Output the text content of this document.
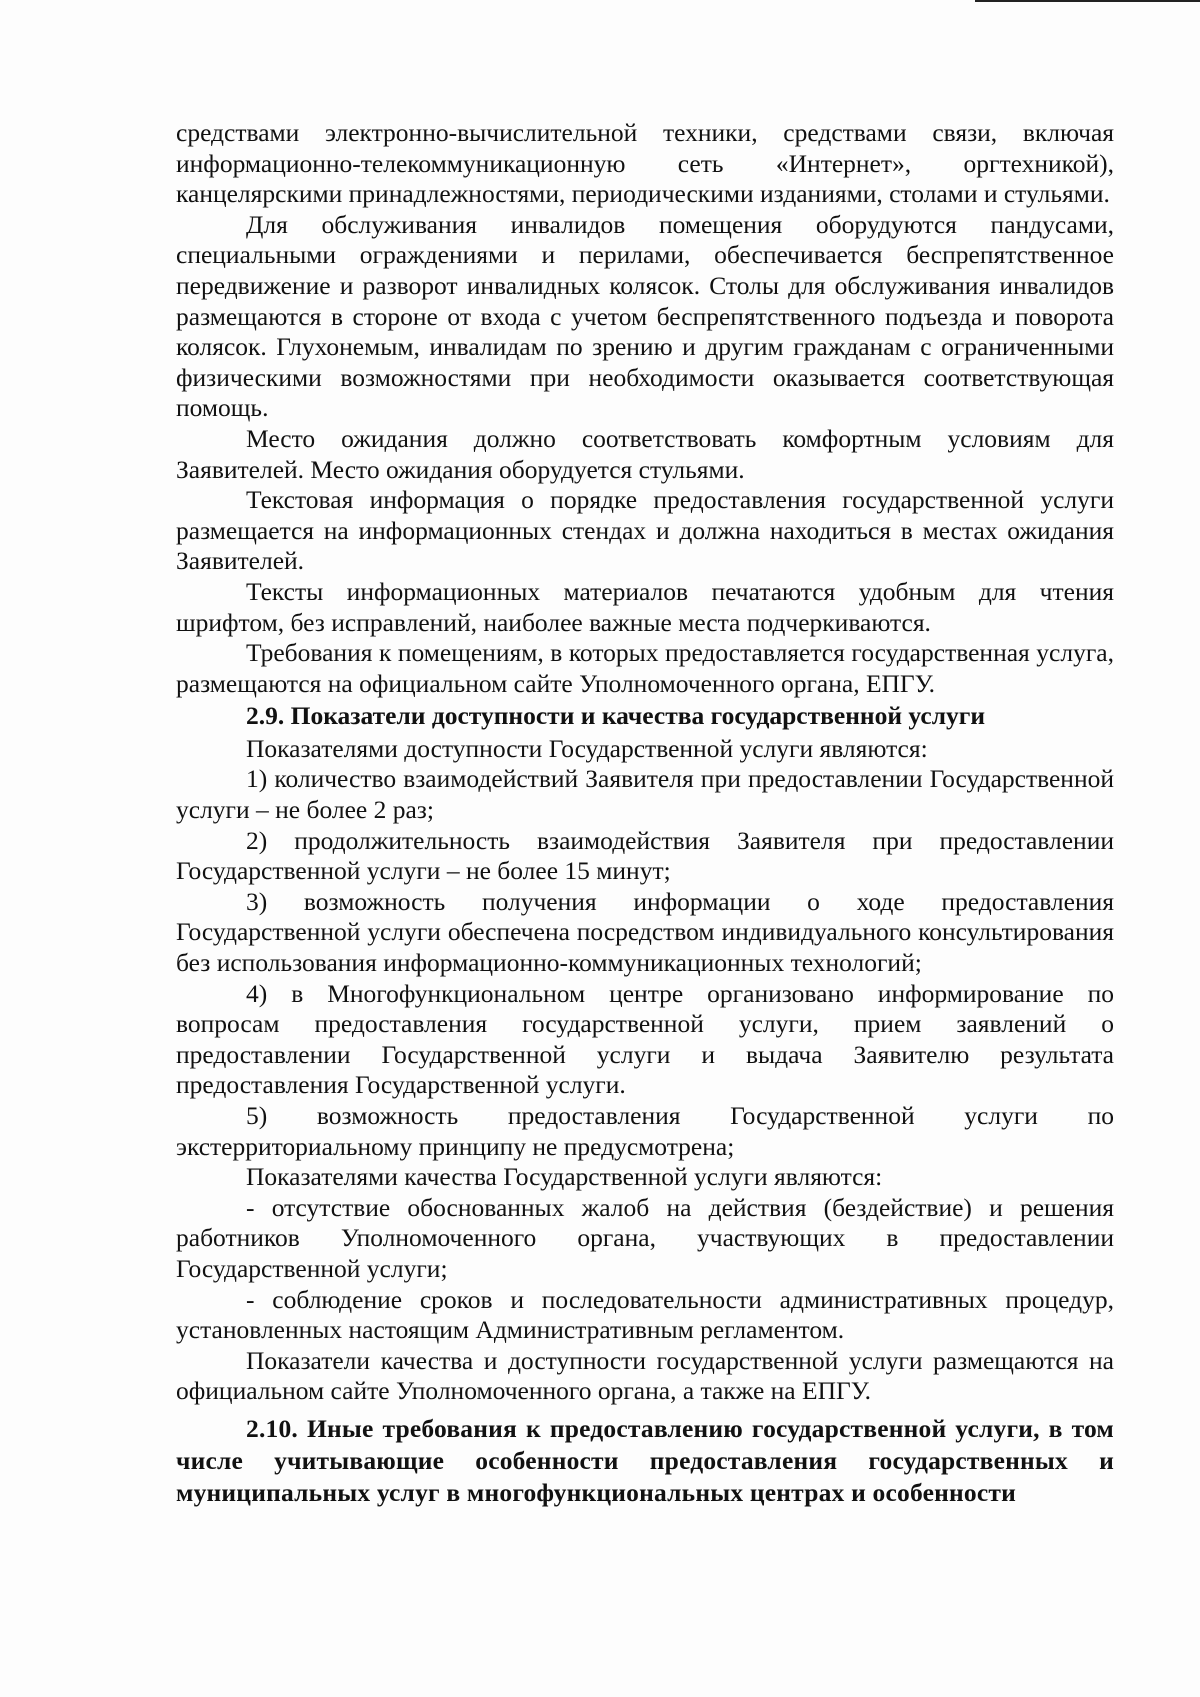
средствами электронно-вычислительной техники, средствами связи, включая информационно-телекоммуникационную сеть «Интернет», оргтехникой), канцелярскими принадлежностями, периодическими изданиями, столами и стульями.

Для обслуживания инвалидов помещения оборудуются пандусами, специальными ограждениями и перилами, обеспечивается беспрепятственное передвижение и разворот инвалидных колясок. Столы для обслуживания инвалидов размещаются в стороне от входа с учетом беспрепятственного подъезда и поворота колясок. Глухонемым, инвалидам по зрению и другим гражданам с ограниченными физическими возможностями при необходимости оказывается соответствующая помощь.

Место ожидания должно соответствовать комфортным условиям для Заявителей. Место ожидания оборудуется стульями.

Текстовая информация о порядке предоставления государственной услуги размещается на информационных стендах и должна находиться в местах ожидания Заявителей.

Тексты информационных материалов печатаются удобным для чтения шрифтом, без исправлений, наиболее важные места подчеркиваются.

Требования к помещениям, в которых предоставляется государственная услуга, размещаются на официальном сайте Уполномоченного органа, ЕПГУ.

2.9. Показатели доступности и качества государственной услуги

Показателями доступности Государственной услуги являются:

1) количество взаимодействий Заявителя при предоставлении Государственной услуги – не более 2 раз;

2) продолжительность взаимодействия Заявителя при предоставлении Государственной услуги – не более 15 минут;

3) возможность получения информации о ходе предоставления Государственной услуги обеспечена посредством индивидуального консультирования без использования информационно-коммуникационных технологий;

4) в Многофункциональном центре организовано информирование по вопросам предоставления государственной услуги, прием заявлений о предоставлении Государственной услуги и выдача Заявителю результата предоставления Государственной услуги.

5) возможность предоставления Государственной услуги по экстерриториальному принципу не предусмотрена;

Показателями качества Государственной услуги являются:

- отсутствие обоснованных жалоб на действия (бездействие) и решения работников Уполномоченного органа, участвующих в предоставлении Государственной услуги;

- соблюдение сроков и последовательности административных процедур, установленных настоящим Административным регламентом.

Показатели качества и доступности государственной услуги размещаются на официальном сайте Уполномоченного органа, а также на ЕПГУ.

2.10. Иные требования к предоставлению государственной услуги, в том числе учитывающие особенности предоставления государственных и муниципальных услуг в многофункциональных центрах и особенности
